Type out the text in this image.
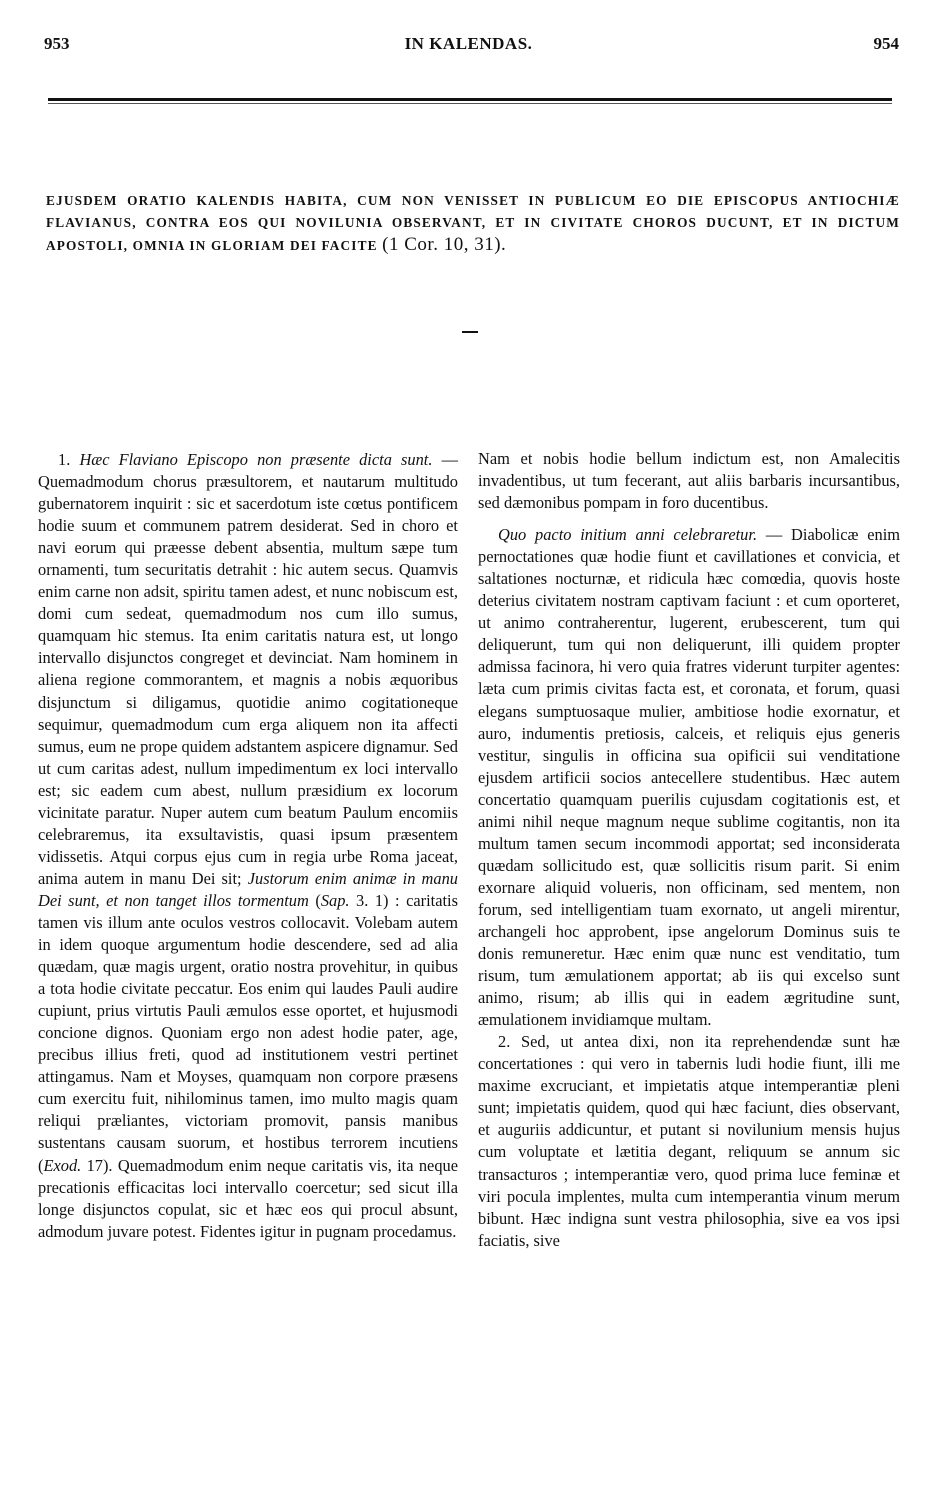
953	IN KALENDAS.	954
EJUSDEM ORATIO KALENDIS HABITA, CUM NON VENISSET IN PUBLICUM EO DIE EPISCOPUS ANTIOCHIÆ FLAVIANUS, CONTRA EOS QUI NOVILUNIA OBSERVANT, ET IN CIVITATE CHOROS DUCUNT, ET IN DICTUM APOSTOLI, OMNIA IN GLORIAM DEI FACITE (1 Cor. 10, 31).

1. Hæc Flaviano Episcopo non præsente dicta sunt. — Quemadmodum chorus præsultorem, et nautarum multitudo gubernatorem inquirit : sic et sacerdotum iste cœtus pontificem hodie suum et communem patrem desiderat. Sed in choro et navi eorum qui præesse debent absentia, multum sæpe tum ornamenti, tum securitatis detrahit : hic autem secus. Quamvis enim carne non adsit, spiritu tamen adest, et nunc nobiscum est, domi cum sedeat, quemadmodum nos cum illo sumus, quamquam hic stemus. Ita enim caritatis natura est, ut longo intervallo disjunctos congreget et devinciat. Nam hominem in aliena regione commorantem, et magnis a nobis æquoribus disjunctum si diligamus, quotidie animo cogitationeque sequimur, quemadmodum cum erga aliquem non ita affecti sumus, eum ne prope quidem adstantem aspicere dignamur. Sed ut cum caritas adest, nullum impedimentum ex loci intervallo est; sic eadem cum abest, nullum præsidium ex locorum vicinitate paratur. Nuper autem cum beatum Paulum encomiis celebraremus, ita exsultavistis, quasi ipsum præsentem vidissetis. Atqui corpus ejus cum in regia urbe Roma jaceat, anima autem in manu Dei sit; Justorum enim animæ in manu Dei sunt, et non tanget illos tormentum (Sap. 3. 1) : caritatis tamen vis illum ante oculos vestros collocavit. Volebam autem in idem quoque argumentum hodie descendere, sed ad alia quædam, quæ magis urgent, oratio nostra provehitur, in quibus a tota hodie civitate peccatur. Eos enim qui laudes Pauli audire cupiunt, prius virtutis Pauli æmulos esse oportet, et hujusmodi concione dignos. Quoniam ergo non adest hodie pater, age, precibus illius freti, quod ad institutionem vestri pertinet attingamus. Nam et Moyses, quamquam non corpore præsens cum exercitu fuit, nihilominus tamen, imo multo magis quam reliqui præliantes, victoriam promovit, pansis manibus sustentans causam suorum, et hostibus terrorem incutiens (Exod. 17). Quemadmodum enim neque caritatis vis, ita neque precationis efficacitas loci intervallo coercetur; sed sicut illa longe disjunctos copulat, sic et hæc eos qui procul absunt, admodum juvare potest. Fidentes igitur in pugnam procedamus.

Nam et nobis hodie bellum indictum est, non Amalecitis invadentibus, ut tum fecerant, aut aliis barbaris incursantibus, sed dæmonibus pompam in foro ducentibus.

Quo pacto initium anni celebraretur. — Diabolicæ enim pernoctationes quæ hodie fiunt et cavillationes et convicia, et saltationes nocturnæ, et ridicula hæc comœdia, quovis hoste deterius civitatem nostram captivam faciunt : et cum oporteret, ut animo contraherentur, lugerent, erubescerent, tum qui deliquerunt, tum qui non deliquerunt, illi quidem propter admissa facinora, hi vero quia fratres viderunt turpiter agentes: læta cum primis civitas facta est, et coronata, et forum, quasi elegans sumptuosaque mulier, ambitiose hodie exornatur, et auro, indumentis pretiosis, calceis, et reliquis ejus generis vestitur, singulis in officina sua opificii sui venditatione ejusdem artificii socios antecellere studentibus. Hæc autem concertatio quamquam puerilis cujusdam cogitationis est, et animi nihil neque magnum neque sublime cogitantis, non ita multum tamen secum incommodi apportat; sed inconsiderata quædam sollicitudo est, quæ sollicitis risum parit. Si enim exornare aliquid volueris, non officinam, sed mentem, non forum, sed intelligentiam tuam exornato, ut angeli mirentur, archangeli hoc approbent, ipse angelorum Dominus suis te donis remuneretur. Hæc enim quæ nunc est venditatio, tum risum, tum æmulationem apportat; ab iis qui excelso sunt animo, risum; ab illis qui in eadem ægritudine sunt, æmulationem invidiamque multam.

2. Sed, ut antea dixi, non ita reprehendendæ sunt hæ concertationes : qui vero in tabernis ludi hodie fiunt, illi me maxime excruciant, et impietatis atque intemperantiæ pleni sunt; impietatis quidem, quod qui hæc faciunt, dies observant, et auguriis addicuntur, et putant si novilunium mensis hujus cum voluptate et lætitia degant, reliquum se annum sic transacturos ; intemperantiæ vero, quod prima luce feminæ et viri pocula implentes, multa cum intemperantia vinum merum bibunt. Hæc indigna sunt vestra philosophia, sive ea vos ipsi faciatis, sive
